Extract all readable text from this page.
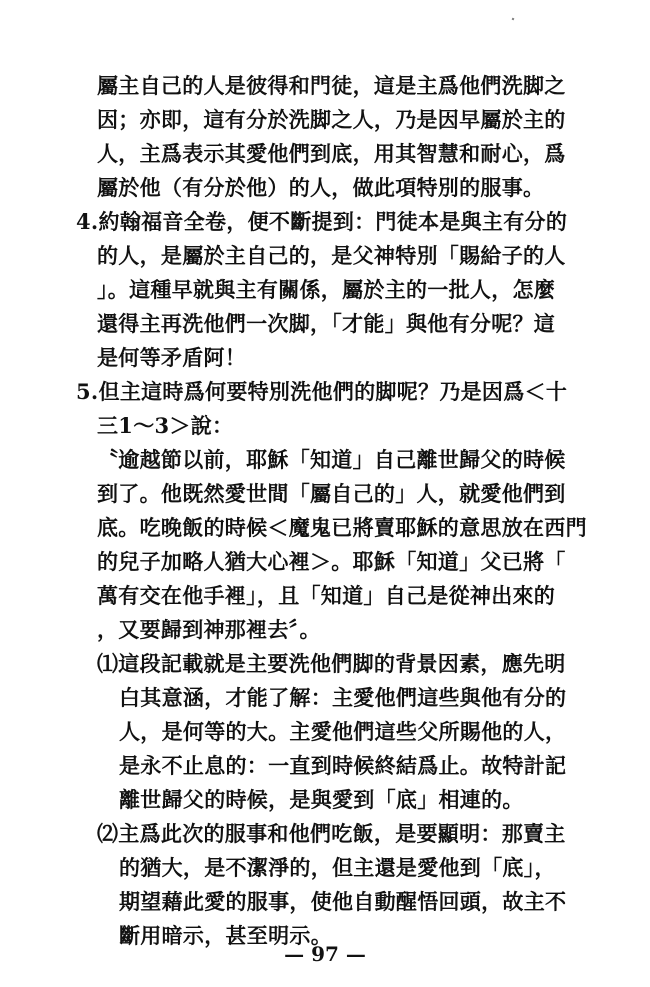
屬主自己的人是彼得和門徒，這是主爲他們洗脚之
因；亦即，這有分於洗脚之人，乃是因早屬於主的
人，主爲表示其愛他們到底，用其智慧和耐心，爲
屬於他（有分於他）的人，做此項特別的服事。
4.約翰福音全卷，便不斷提到：門徒本是與主有分的
的人，是屬於主自己的，是父神特別「賜給子的人
」。這種早就與主有關係，屬於主的一批人，怎麼
還得主再洗他們一次脚，「才能」與他有分呢？這
是何等矛盾阿！
5.但主這時爲何要特別洗他們的脚呢？乃是因爲＜十
三1～3＞說：
〝逾越節以前，耶穌「知道」自己離世歸父的時候
到了。他既然愛世間「屬自己的」人，就愛他們到
底。吃晚飯的時候＜魔鬼已將賣耶穌的意思放在西門
的兒子加略人猶大心裡＞。耶穌「知道」父已將「
萬有交在他手裡」，且「知道」自己是從神出來的
，又要歸到神那裡去〞。
⑴這段記載就是主要洗他們脚的背景因素，應先明
白其意涵，才能了解：主愛他們這些與他有分的
人，是何等的大。主愛他們這些父所賜他的人，
是永不止息的：一直到時候終結爲止。故特計記
離世歸父的時候，是與愛到「底」相連的。
⑵主爲此次的服事和他們吃飯，是要顯明：那賣主
的猶大，是不潔淨的，但主還是愛他到「底」，
期望藉此愛的服事，使他自動醒悟回頭，故主不
斷用暗示，甚至明示。
— 97 —
